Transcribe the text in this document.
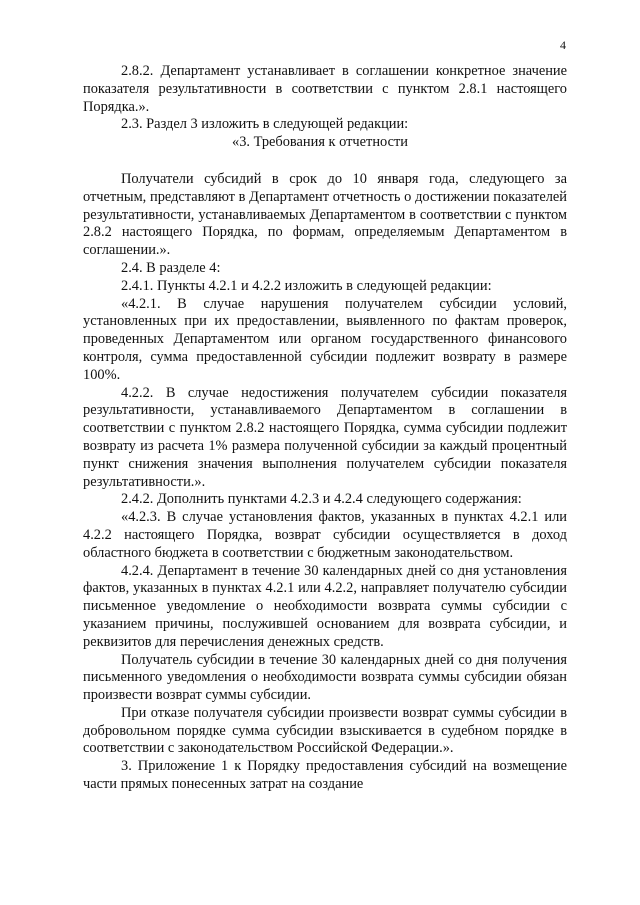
4

2.8.2. Департамент устанавливает в соглашении конкретное значение показателя результативности в соответствии с пунктом 2.8.1 настоящего Порядка.».

2.3. Раздел 3 изложить в следующей редакции:

«3. Требования к отчетности

Получатели субсидий в срок до 10 января года, следующего за отчетным, представляют в Департамент отчетность о достижении показателей результативности, устанавливаемых Департаментом в соответствии с пунктом 2.8.2 настоящего Порядка, по формам, определяемым Департаментом в соглашении.».

2.4. В разделе 4:

2.4.1. Пункты 4.2.1 и 4.2.2 изложить в следующей редакции:

«4.2.1. В случае нарушения получателем субсидии условий, установленных при их предоставлении, выявленного по фактам проверок, проведенных Департаментом или органом государственного финансового контроля, сумма предоставленной субсидии подлежит возврату в размере 100%.

4.2.2. В случае недостижения получателем субсидии показателя результативности, устанавливаемого Департаментом в соглашении в соответствии с пунктом 2.8.2 настоящего Порядка, сумма субсидии подлежит возврату из расчета 1% размера полученной субсидии за каждый процентный пункт снижения значения выполнения получателем субсидии показателя результативности.».

2.4.2. Дополнить пунктами 4.2.3 и 4.2.4 следующего содержания:

«4.2.3. В случае установления фактов, указанных в пунктах 4.2.1 или 4.2.2 настоящего Порядка, возврат субсидии осуществляется в доход областного бюджета в соответствии с бюджетным законодательством.

4.2.4. Департамент в течение 30 календарных дней со дня установления фактов, указанных в пунктах 4.2.1 или 4.2.2, направляет получателю субсидии письменное уведомление о необходимости возврата суммы субсидии с указанием причины, послужившей основанием для возврата субсидии, и реквизитов для перечисления денежных средств.

Получатель субсидии в течение 30 календарных дней со дня получения письменного уведомления о необходимости возврата суммы субсидии обязан произвести возврат суммы субсидии.

При отказе получателя субсидии произвести возврат суммы субсидии в добровольном порядке сумма субсидии взыскивается в судебном порядке в соответствии с законодательством Российской Федерации.».

3. Приложение 1 к Порядку предоставления субсидий на возмещение части прямых понесенных затрат на создание
